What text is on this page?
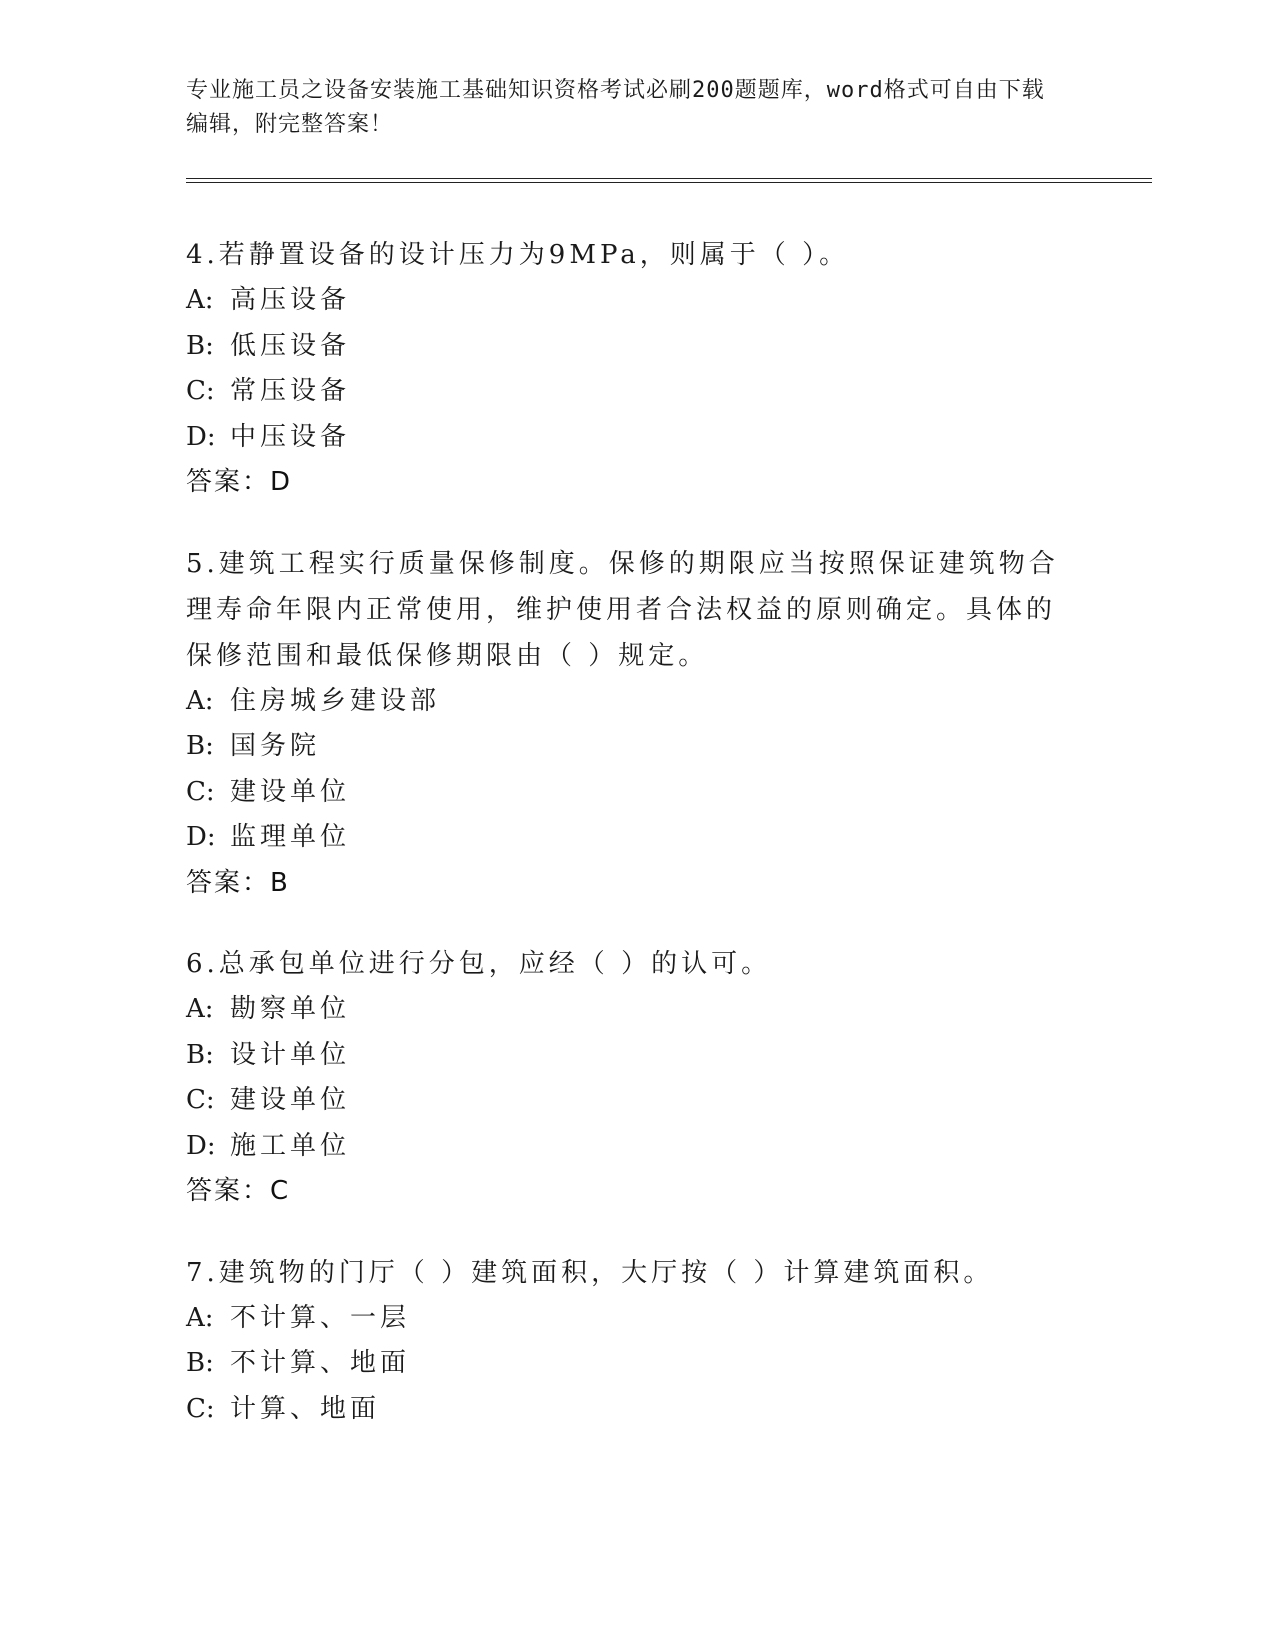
专业施工员之设备安装施工基础知识资格考试必刷200题题库，word格式可自由下载编辑，附完整答案！
4.若静置设备的设计压力为9MPa，则属于（ ）。
A: 高压设备
B: 低压设备
C: 常压设备
D: 中压设备
答案：D
5.建筑工程实行质量保修制度。保修的期限应当按照保证建筑物合理寿命年限内正常使用，维护使用者合法权益的原则确定。具体的保修范围和最低保修期限由（ ）规定。
A: 住房城乡建设部
B: 国务院
C: 建设单位
D: 监理单位
答案：B
6.总承包单位进行分包，应经（ ）的认可。
A: 勘察单位
B: 设计单位
C: 建设单位
D: 施工单位
答案：C
7.建筑物的门厅（ ）建筑面积，大厅按（ ）计算建筑面积。
A: 不计算、一层
B: 不计算、地面
C: 计算、地面
